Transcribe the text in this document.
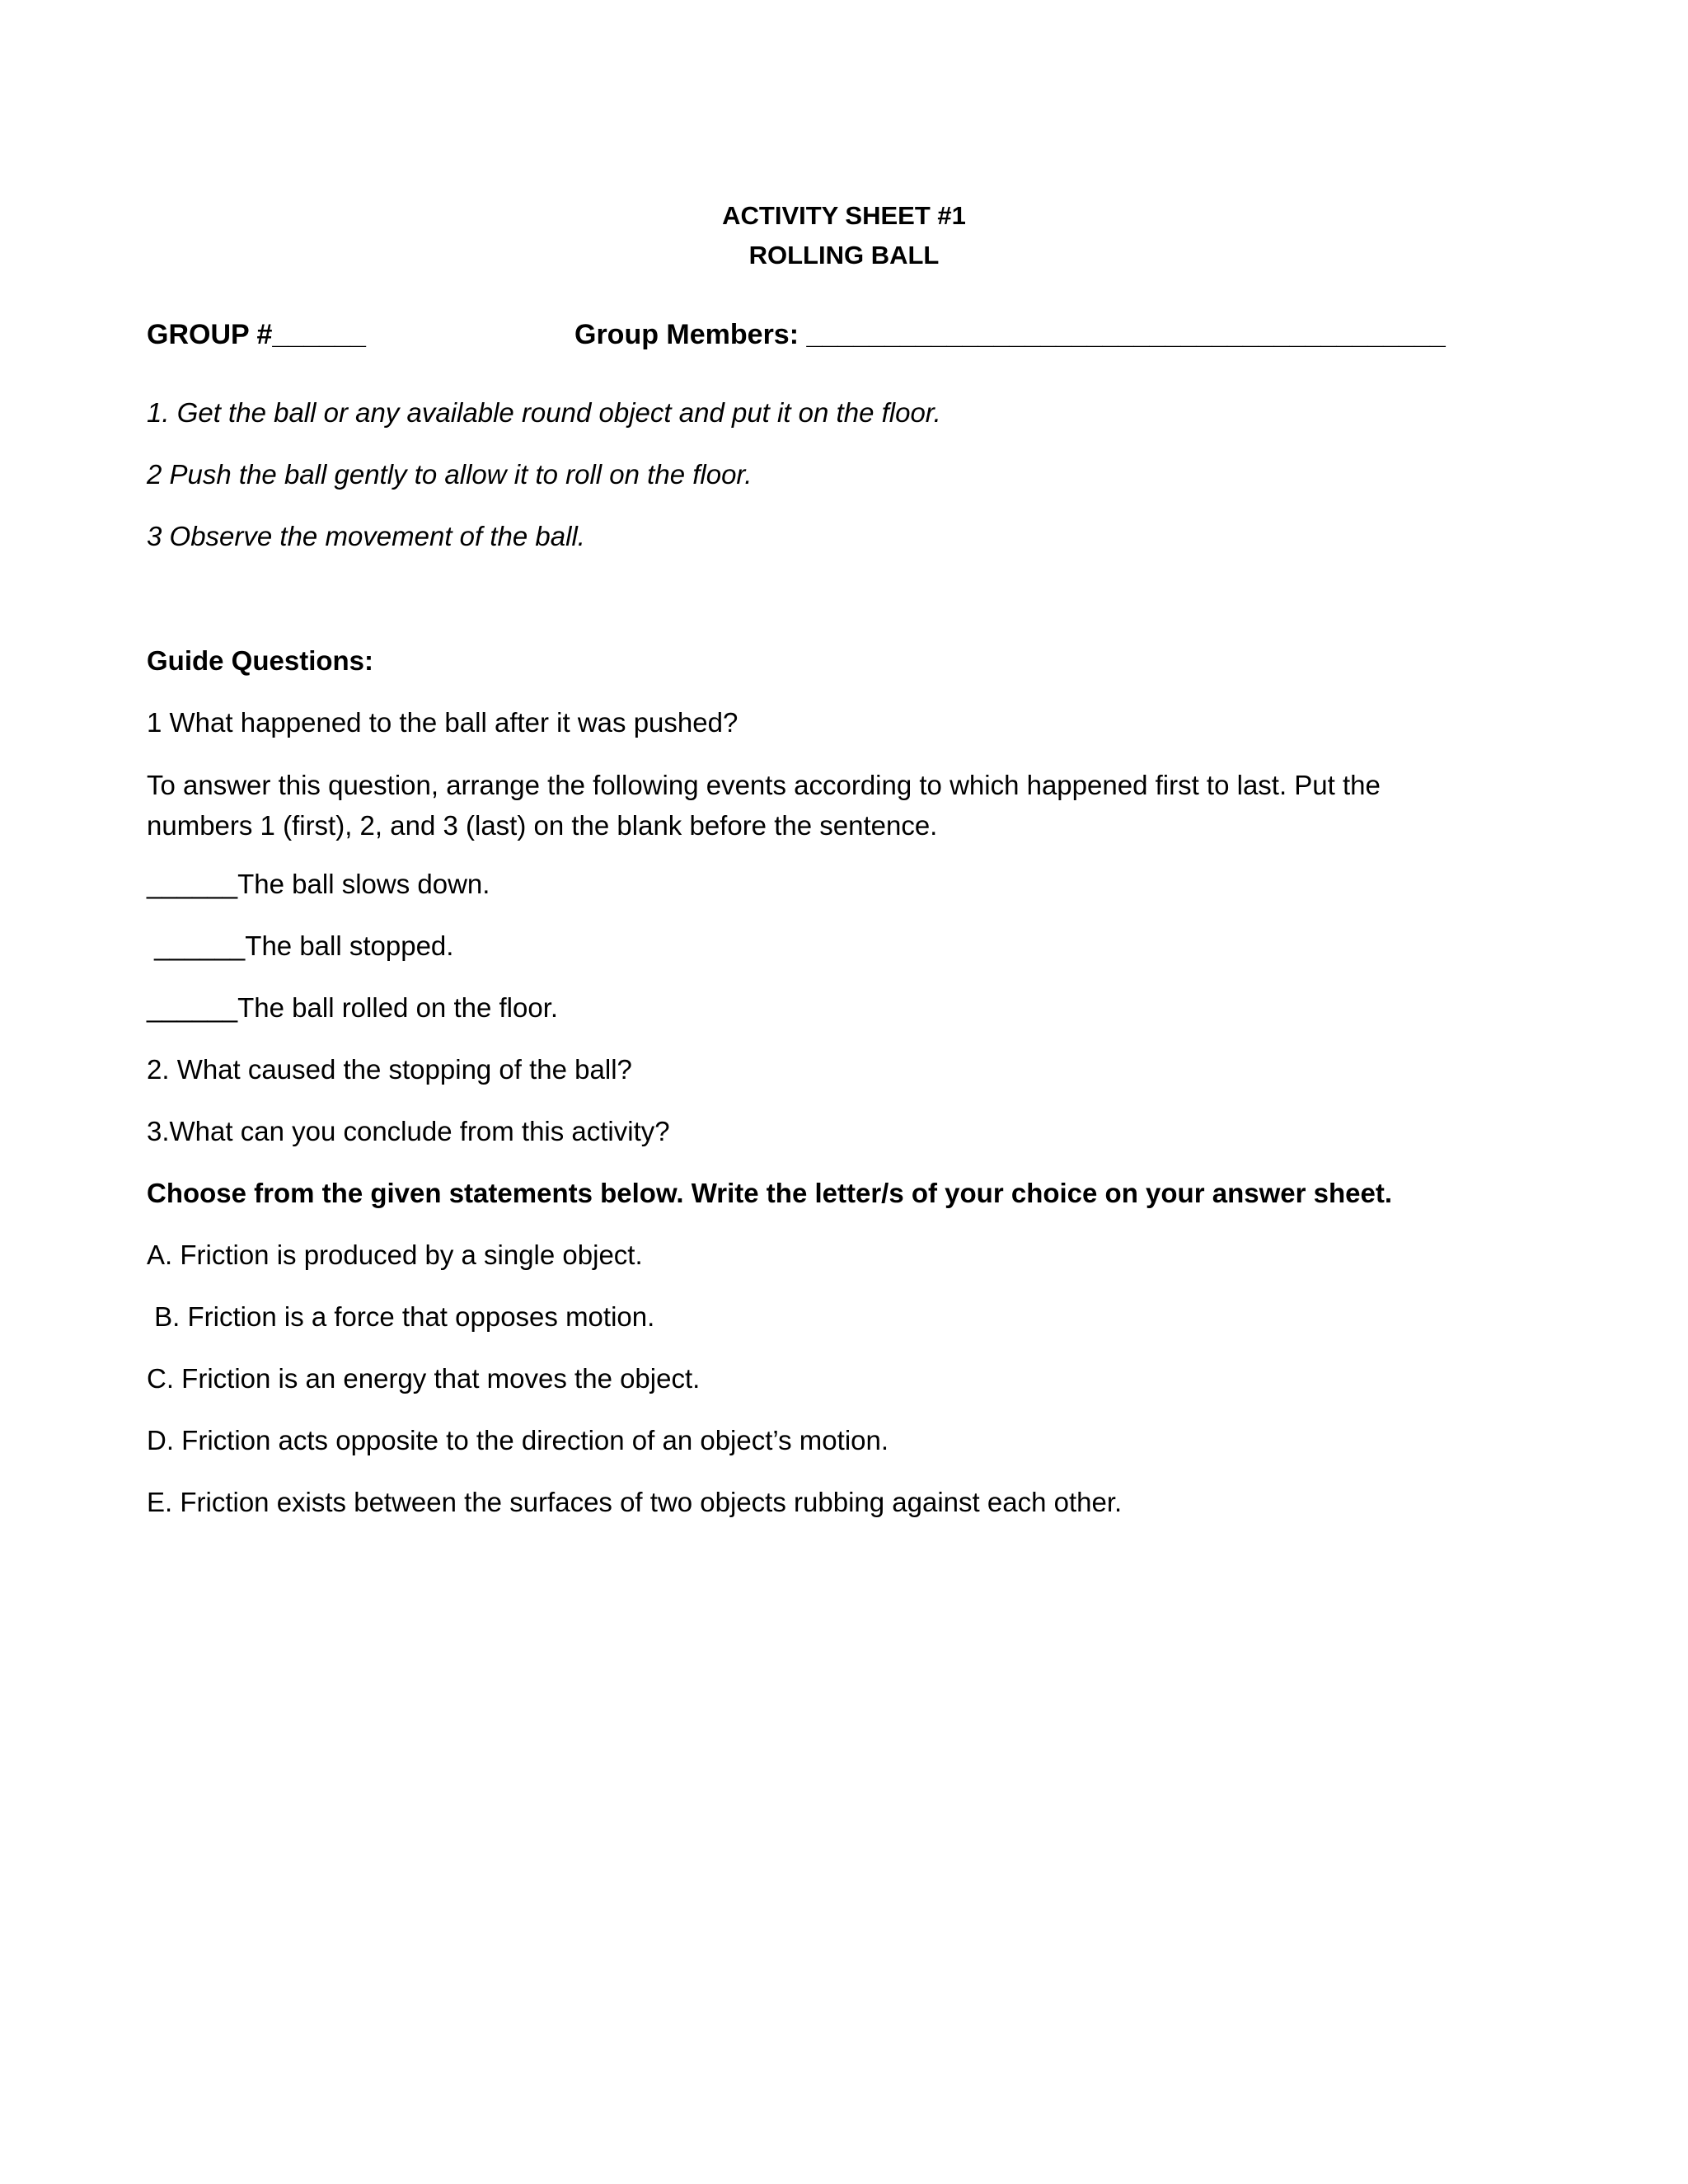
ACTIVITY SHEET #1
ROLLING BALL
GROUP #______	Group Members: _________________________________________
1. Get the ball or any available round object and put it on the floor.
2 Push the ball gently to allow it to roll on the floor.
3 Observe the movement of the ball.
Guide Questions:
1 What happened to the ball after it was pushed?
To answer this question, arrange the following events according to which happened first to last. Put the numbers 1 (first), 2, and 3 (last) on the blank before the sentence.
______The ball slows down.
______The ball stopped.
______The ball rolled on the floor.
2. What caused the stopping of the ball?
3.What can you conclude from this activity?
Choose from the given statements below. Write the letter/s of your choice on your answer sheet.
A. Friction is produced by a single object.
B. Friction is a force that opposes motion.
C. Friction is an energy that moves the object.
D. Friction acts opposite to the direction of an object’s motion.
E. Friction exists between the surfaces of two objects rubbing against each other.
